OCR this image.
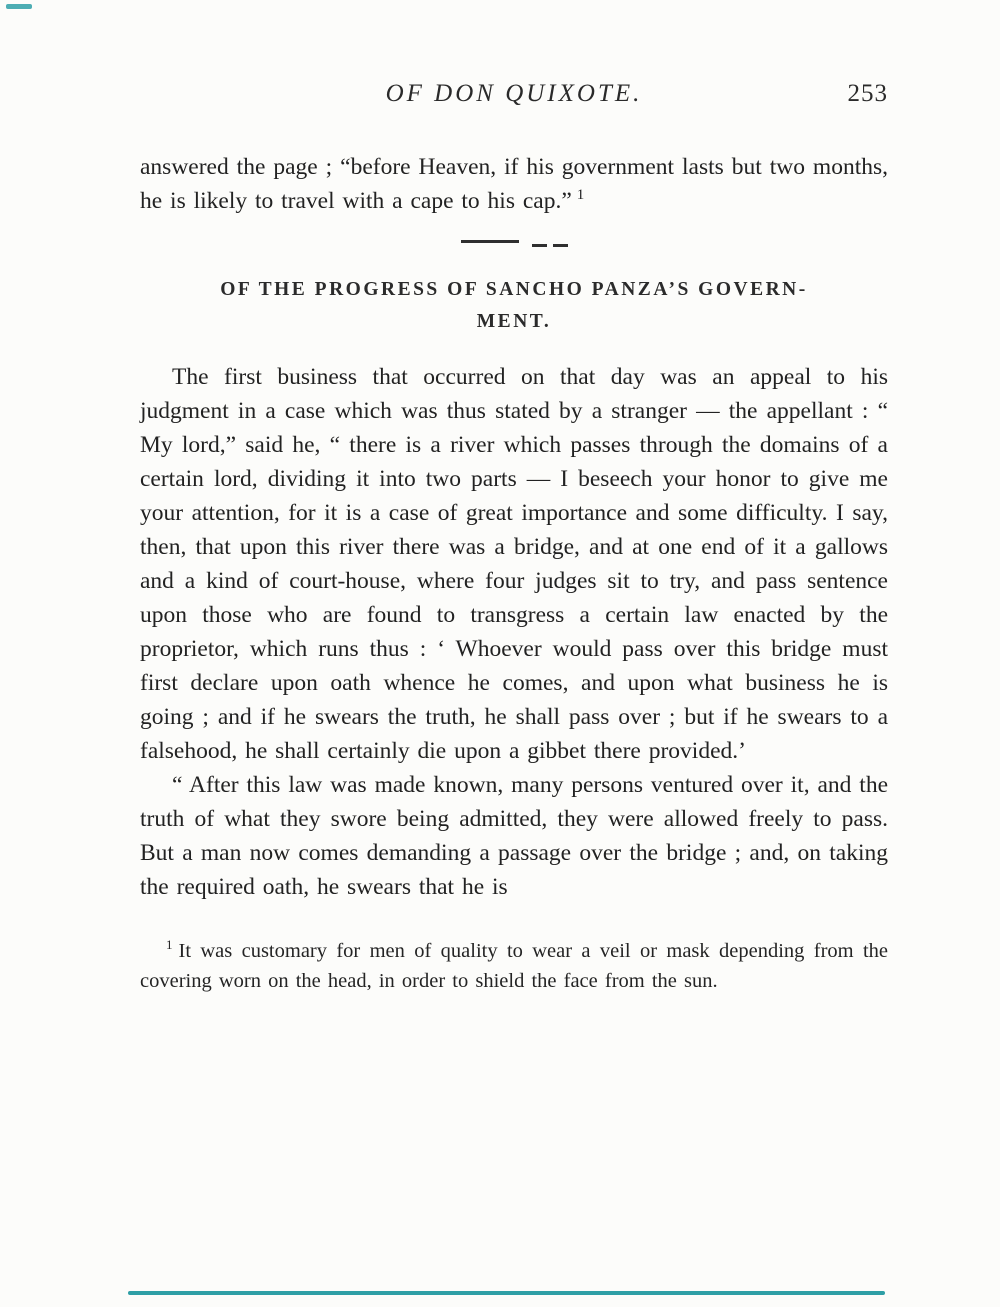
OF DON QUIXOTE.	253

answered the page ; “before Heaven, if his government lasts but two months, he is likely to travel with a cape to his cap.” $^1$

OF THE PROGRESS OF SANCHO PANZA’S GOVERN-
MENT.

The first business that occurred on that day was an appeal to his judgment in a case which was thus stated by a stranger — the appellant : “ My lord,” said he, “ there is a river which passes through the domains of a certain lord, dividing it into two parts — I beseech your honor to give me your attention, for it is a case of great importance and some difficulty. I say, then, that upon this river there was a bridge, and at one end of it a gallows and a kind of court-house, where four judges sit to try, and pass sentence upon those who are found to transgress a certain law enacted by the proprietor, which runs thus : ‘ Whoever would pass over this bridge must first declare upon oath whence he comes, and upon what business he is going ; and if he swears the truth, he shall pass over ; but if he swears to a falsehood, he shall certainly die upon a gibbet there provided.’

“ After this law was made known, many persons ventured over it, and the truth of what they swore being admitted, they were allowed freely to pass. But a man now comes demanding a passage over the bridge ; and, on taking the required oath, he swears that he is

$^1$ It was customary for men of quality to wear a veil or mask depending from the covering worn on the head, in order to shield the face from the sun.
